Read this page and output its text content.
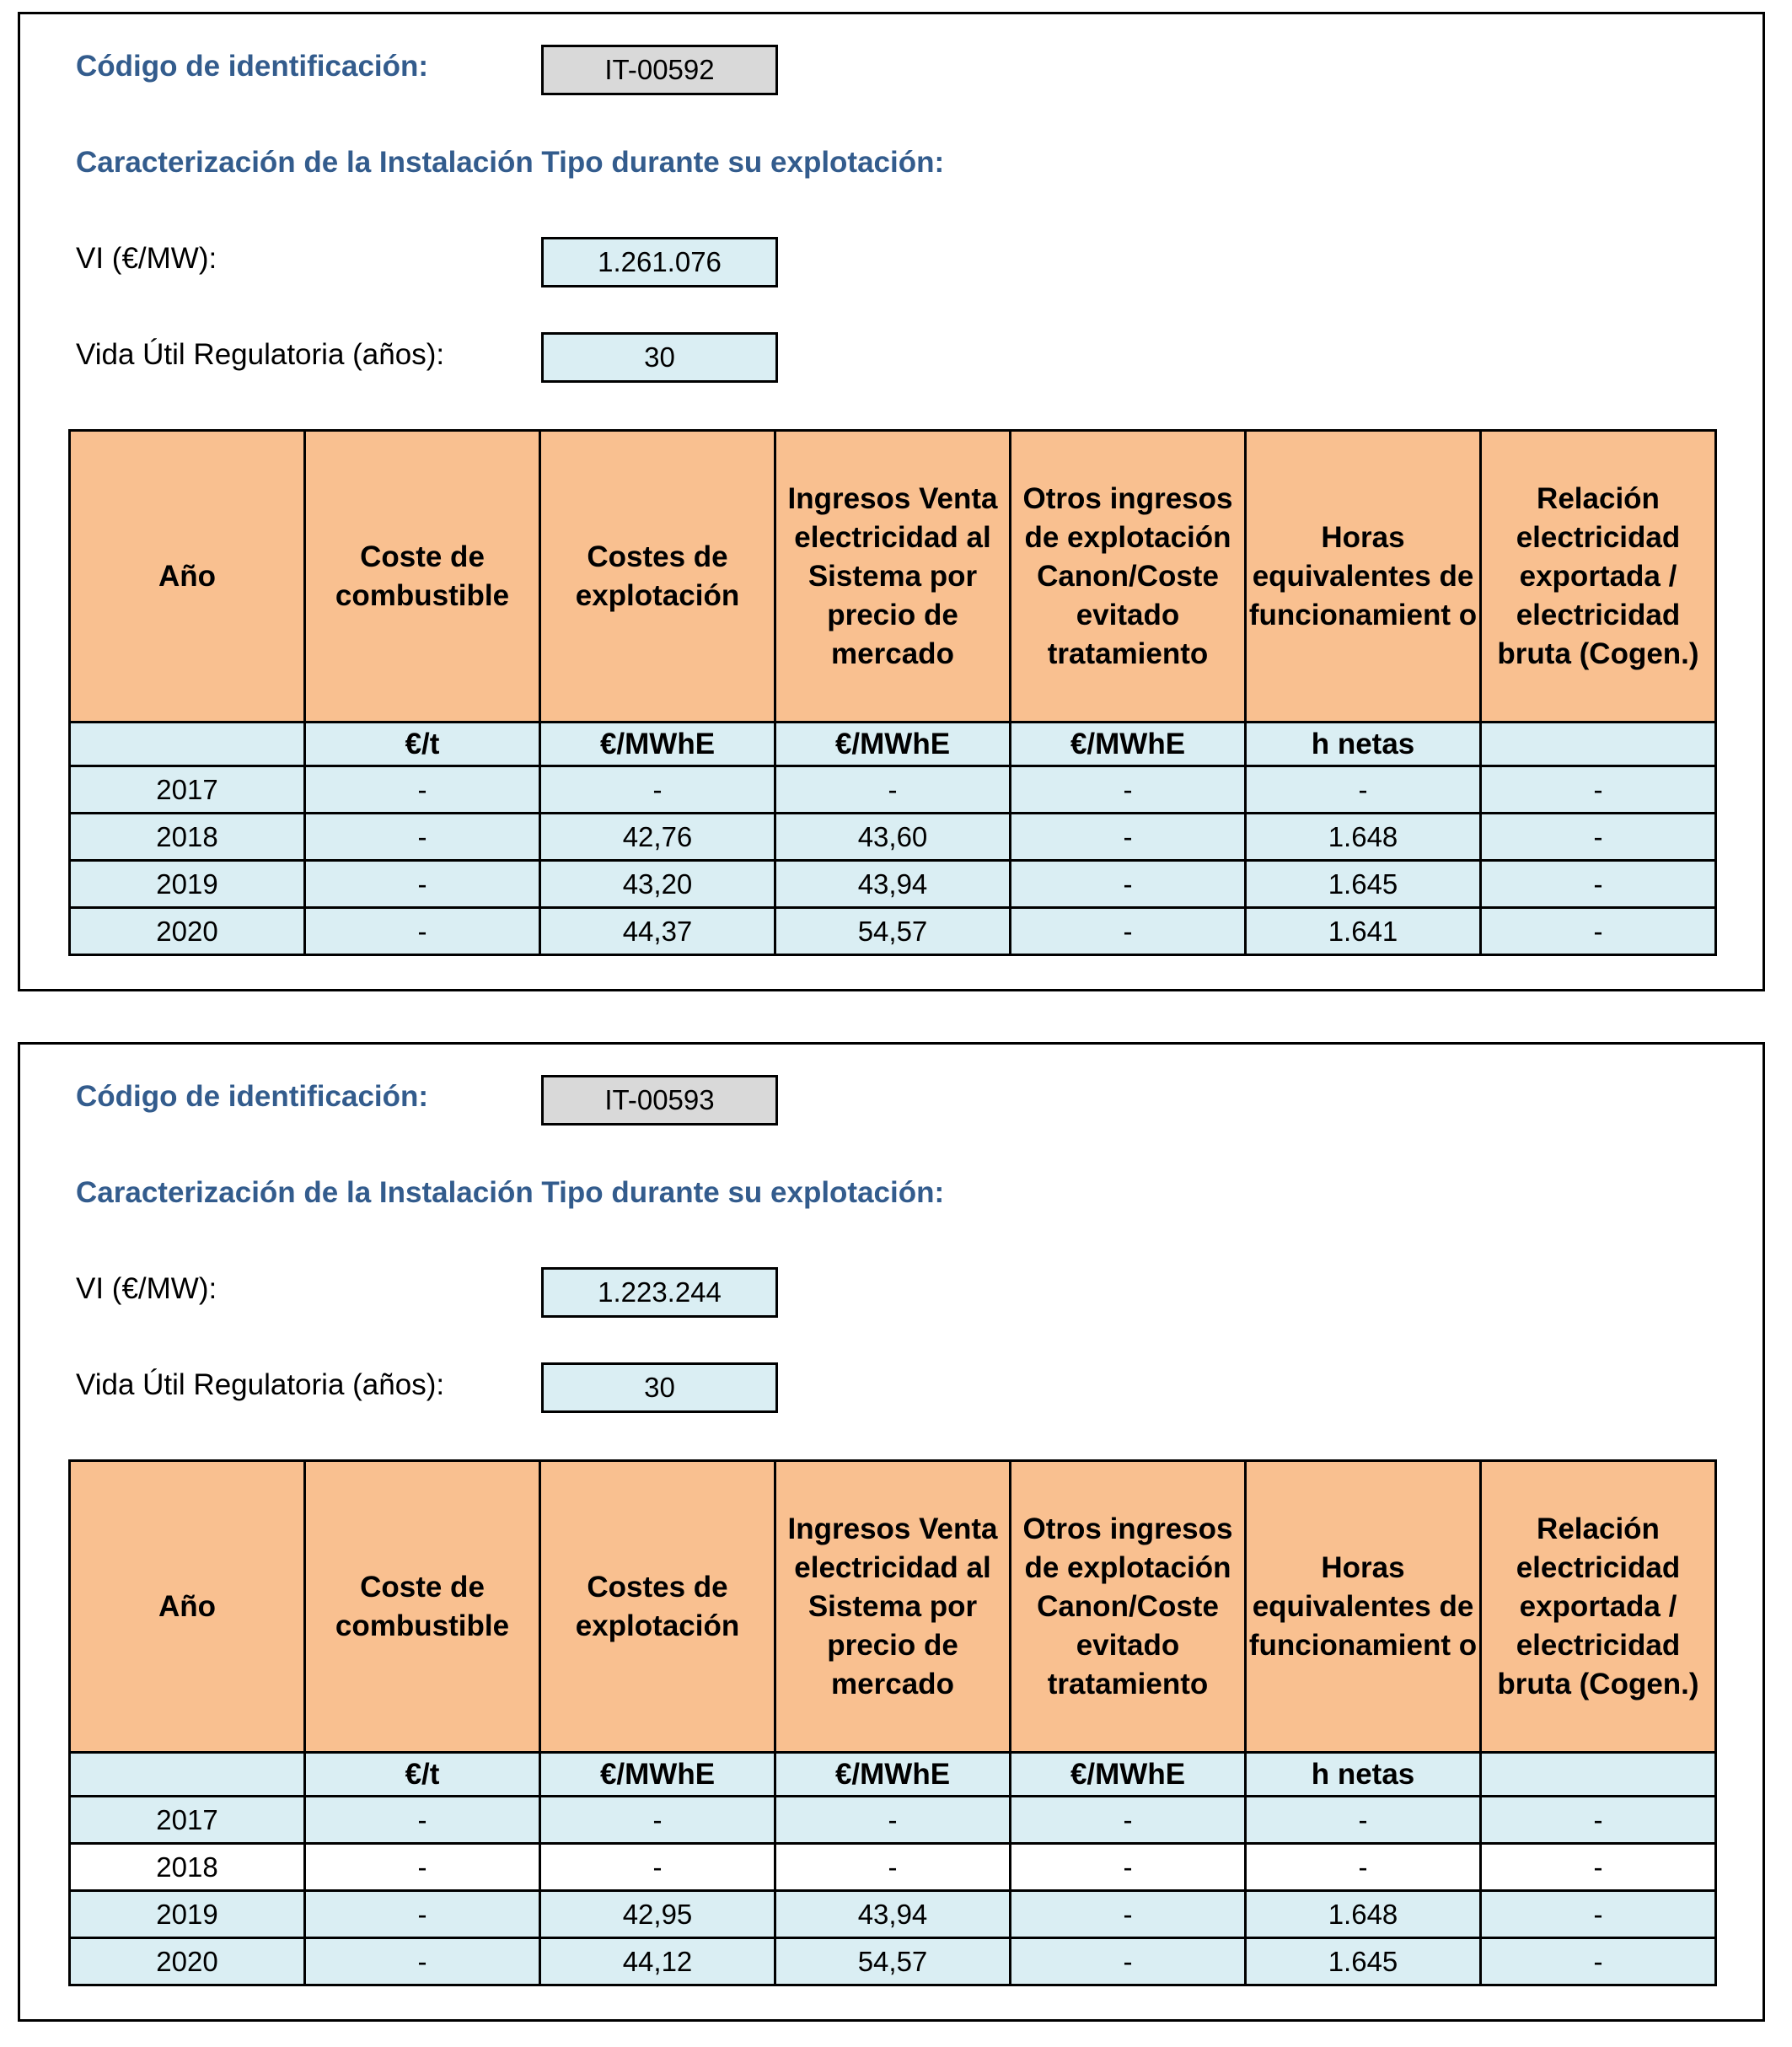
Código de identificación:	IT-00592
Caracterización de la Instalación Tipo durante su explotación:
VI (€/MW):	1.261.076
Vida Útil Regulatoria (años):	30
Año	Coste de combustible	Costes de explotación	Ingresos Venta electricidad al Sistema por precio de mercado	Otros ingresos de explotación Canon/Coste evitado tratamiento	Horas equivalentes de funcionamient o	Relación electricidad exportada / electricidad bruta (Cogen.)
	€/t	€/MWhE	€/MWhE	€/MWhE	h netas	
2017	-	-	-	-	-	-
2018	-	42,76	43,60	-	1.648	-
2019	-	43,20	43,94	-	1.645	-
2020	-	44,37	54,57	-	1.641	-
Código de identificación:	IT-00593
Caracterización de la Instalación Tipo durante su explotación:
VI (€/MW):	1.223.244
Vida Útil Regulatoria (años):	30
Año	Coste de combustible	Costes de explotación	Ingresos Venta electricidad al Sistema por precio de mercado	Otros ingresos de explotación Canon/Coste evitado tratamiento	Horas equivalentes de funcionamient o	Relación electricidad exportada / electricidad bruta (Cogen.)
	€/t	€/MWhE	€/MWhE	€/MWhE	h netas	
2017	-	-	-	-	-	-
2018	-	-	-	-	-	-
2019	-	42,95	43,94	-	1.648	-
2020	-	44,12	54,57	-	1.645	-
